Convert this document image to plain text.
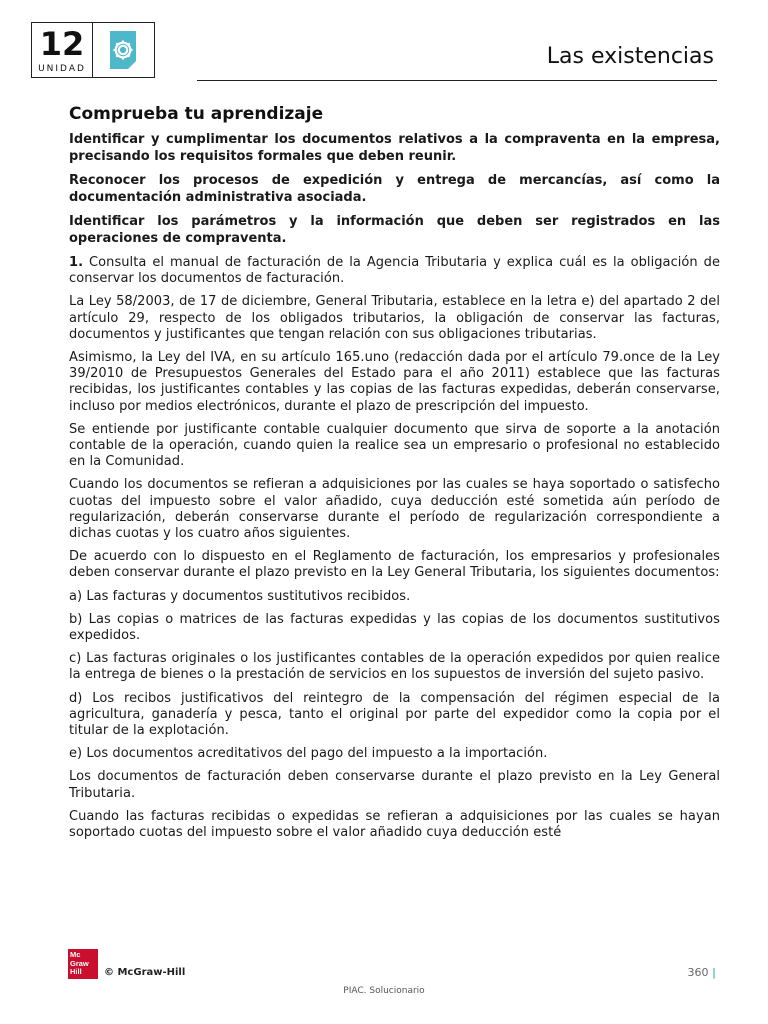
12
UNIDAD	Las existencias
Comprueba tu aprendizaje

Identificar y cumplimentar los documentos relativos a la compraventa en la empresa, precisando los requisitos formales que deben reunir.

Reconocer los procesos de expedición y entrega de mercancías, así como la documentación administrativa asociada.

Identificar los parámetros y la información que deben ser registrados en las operaciones de compraventa.

1. Consulta el manual de facturación de la Agencia Tributaria y explica cuál es la obligación de conservar los documentos de facturación.

La Ley 58/2003, de 17 de diciembre, General Tributaria, establece en la letra e) del apartado 2 del artículo 29, respecto de los obligados tributarios, la obligación de conservar las facturas, documentos y justificantes que tengan relación con sus obligaciones tributarias.

Asimismo, la Ley del IVA, en su artículo 165.uno (redacción dada por el artículo 79.once de la Ley 39/2010 de Presupuestos Generales del Estado para el año 2011) establece que las facturas recibidas, los justificantes contables y las copias de las facturas expedidas, deberán conservarse, incluso por medios electrónicos, durante el plazo de prescripción del impuesto.

Se entiende por justificante contable cualquier documento que sirva de soporte a la anotación contable de la operación, cuando quien la realice sea un empresario o profesional no establecido en la Comunidad.

Cuando los documentos se refieran a adquisiciones por las cuales se haya soportado o satisfecho cuotas del impuesto sobre el valor añadido, cuya deducción esté sometida aún período de regularización, deberán conservarse durante el período de regularización correspondiente a dichas cuotas y los cuatro años siguientes.

De acuerdo con lo dispuesto en el Reglamento de facturación, los empresarios y profesionales deben conservar durante el plazo previsto en la Ley General Tributaria, los siguientes documentos:

a) Las facturas y documentos sustitutivos recibidos.

b) Las copias o matrices de las facturas expedidas y las copias de los documentos sustitutivos expedidos.

c) Las facturas originales o los justificantes contables de la operación expedidos por quien realice la entrega de bienes o la prestación de servicios en los supuestos de inversión del sujeto pasivo.

d) Los recibos justificativos del reintegro de la compensación del régimen especial de la agricultura, ganadería y pesca, tanto el original por parte del expedidor como la copia por el titular de la explotación.

e) Los documentos acreditativos del pago del impuesto a la importación.

Los documentos de facturación deben conservarse durante el plazo previsto en la Ley General Tributaria.

Cuando las facturas recibidas o expedidas se refieran a adquisiciones por las cuales se hayan soportado cuotas del impuesto sobre el valor añadido cuya deducción esté

Mc
Graw
Hill	© McGraw-Hill	360 |
PIAC. Solucionario
